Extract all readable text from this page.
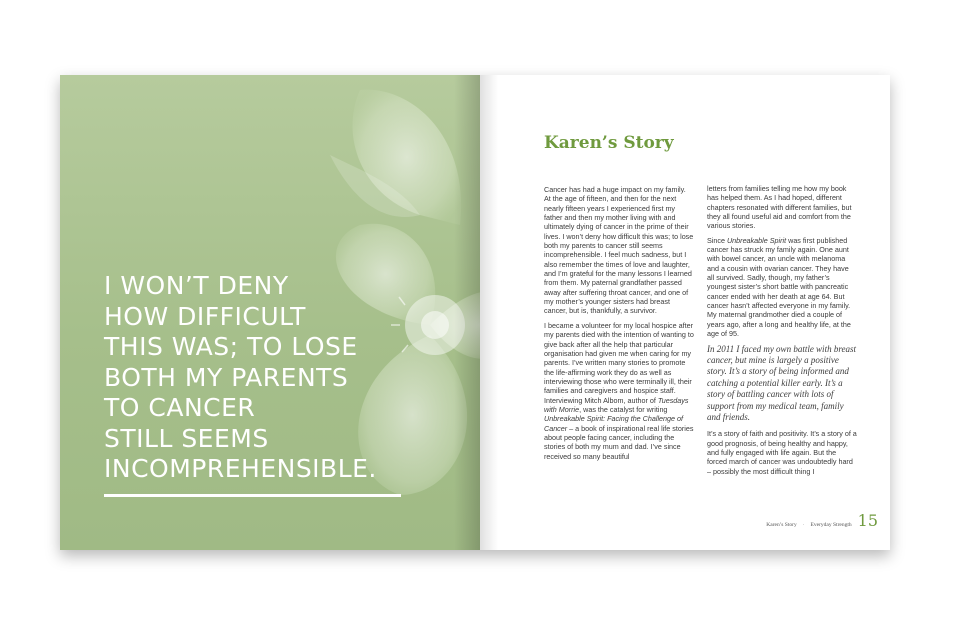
I WON’T DENY
HOW DIFFICULT
THIS WAS; TO LOSE
BOTH MY PARENTS
TO CANCER
STILL SEEMS
INCOMPREHENSIBLE.
Karen’s Story

Cancer has had a huge impact on my family. At the age of fifteen, and then for the next nearly fifteen years I experienced first my father and then my mother living with and ultimately dying of cancer in the prime of their lives. I won’t deny how difficult this was; to lose both my parents to cancer still seems incomprehensible. I feel much sadness, but I also remember the times of love and laughter, and I’m grateful for the many lessons I learned from them. My paternal grandfather passed away after suffering throat cancer, and one of my mother’s younger sisters had breast cancer, but is, thankfully, a survivor.

I became a volunteer for my local hospice after my parents died with the intention of wanting to give back after all the help that particular organisation had given me when caring for my parents. I’ve written many stories to promote the life-affirming work they do as well as interviewing those who were terminally ill, their families and caregivers and hospice staff. Interviewing Mitch Albom, author of Tuesdays with Morrie, was the catalyst for writing Unbreakable Spirit: Facing the Challenge of Cancer – a book of inspirational real life stories about people facing cancer, including the stories of both my mum and dad. I’ve since received so many beautiful

letters from families telling me how my book has helped them. As I had hoped, different chapters resonated with different families, but they all found useful aid and comfort from the various stories.

Since Unbreakable Spirit was first published cancer has struck my family again. One aunt with bowel cancer, an uncle with melanoma and a cousin with ovarian cancer. They have all survived. Sadly, though, my father’s youngest sister’s short battle with pancreatic cancer ended with her death at age 64. But cancer hasn’t affected everyone in my family. My maternal grandmother died a couple of years ago, after a long and healthy life, at the age of 95.

In 2011 I faced my own battle with breast cancer, but mine is largely a positive story. It’s a story of being informed and catching a potential killer early. It’s a story of battling cancer with lots of support from my medical team, family and friends.

It’s a story of faith and positivity. It’s a story of a good prognosis, of being healthy and happy, and fully engaged with life again. But the forced march of cancer was undoubtedly hard – possibly the most difficult thing I

Karen’s Story · Everyday Strength 15
